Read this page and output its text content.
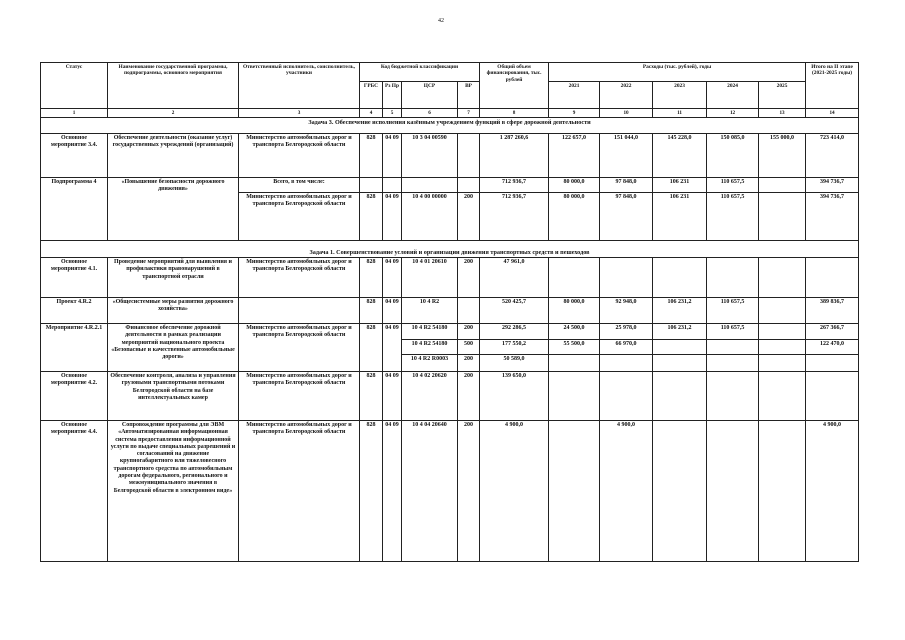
42
Статус	Наименование государственной программы, подпрограммы, основного мероприятия	Ответственный исполнитель, соисполнитель, участники	Код бюджетной классификации				Общий объем финансирования, тыс. рублей	Расходы (тыс. рублей), годы					Итого на II этапе (2021-2025 годы)
			ГРБС	Рз Пр	ЦСР	ВР		2021	2022	2023	2024	2025	
1	2	3	4	5	6	7	8	9	10	11	12	13	14
Задача 3. Обеспечение исполнения казённым учреждением функций в сфере дорожной деятельности													
Основное мероприятие 3.4.	Обеспечение деятельности (оказание услуг) государственных учреждений (организаций)	Министерство автомобильных дорог и транспорта Белгородской области	828	04 09	10 3 04 00590		1 287 260,6	122 657,0	151 044,0	145 228,0	150 085,0	155 000,0	723 414,0
Подпрограмма 4	«Повышение безопасности дорожного движения»	Всего, в том числе:					712 936,7	80 000,0	97 848,0	106 231	110 657,5		394 736,7
		Министерство автомобильных дорог и транспорта Белгородской области	828	04 09	10 4 00 00000	200	712 936,7	80 000,0	97 848,0	106 231	110 657,5		394 736,7
Задача 1. Совершенствование условий и организации движения транспортных средств и пешеходов													
Основное мероприятие 4.1.	Проведение мероприятий для выявления и профилактики правонарушений в транспортной отрасли	Министерство автомобильных дорог и транспорта Белгородской области	828	04 09	10 4 01 20610	200	47 961,0						
Проект 4.R.2	«Общесистемные меры развития дорожного хозяйства»		828	04 09	10 4 R2		520 425,7	80 000,0	92 948,0	106 231,2	110 657,5		389 836,7
Мероприятие 4.R.2.1	Финансовое обеспечение дорожной деятельности в рамках реализации мероприятий национального проекта «Безопасные и качественные автомобильные дороги»	Министерство автомобильных дорог и транспорта Белгородской области	828	04 09	10 4 R2 54180	200	292 286,5	24 500,0	25 978,0	106 231,2	110 657,5		267 366,7
					10 4 R2 54180	500	177 550,2	55 500,0	66 970,0				122 470,0
					10 4 R2 R0003	200	50 589,0						
Основное мероприятие 4.2.	Обеспечение контроля, анализа и управления грузовыми транспортными потоками Белгородской области на базе интеллектуальных камер	Министерство автомобильных дорог и транспорта Белгородской области	828	04 09	10 4 02 20620	200	139 650,0						
Основное мероприятие 4.4.	Сопровождение программы для ЭВМ «Автоматизированная информационная система предоставления информационной услуги по выдаче специальных разрешений и согласований на движение крупногабаритного или тяжеловесного транспортного средства по автомобильным дорогам федерального, регионального и межмуниципального значения в Белгородской области в электронном виде»	Министерство автомобильных дорог и транспорта Белгородской области	828	04 09	10 4 04 20640	200	4 900,0		4 900,0				4 900,0
